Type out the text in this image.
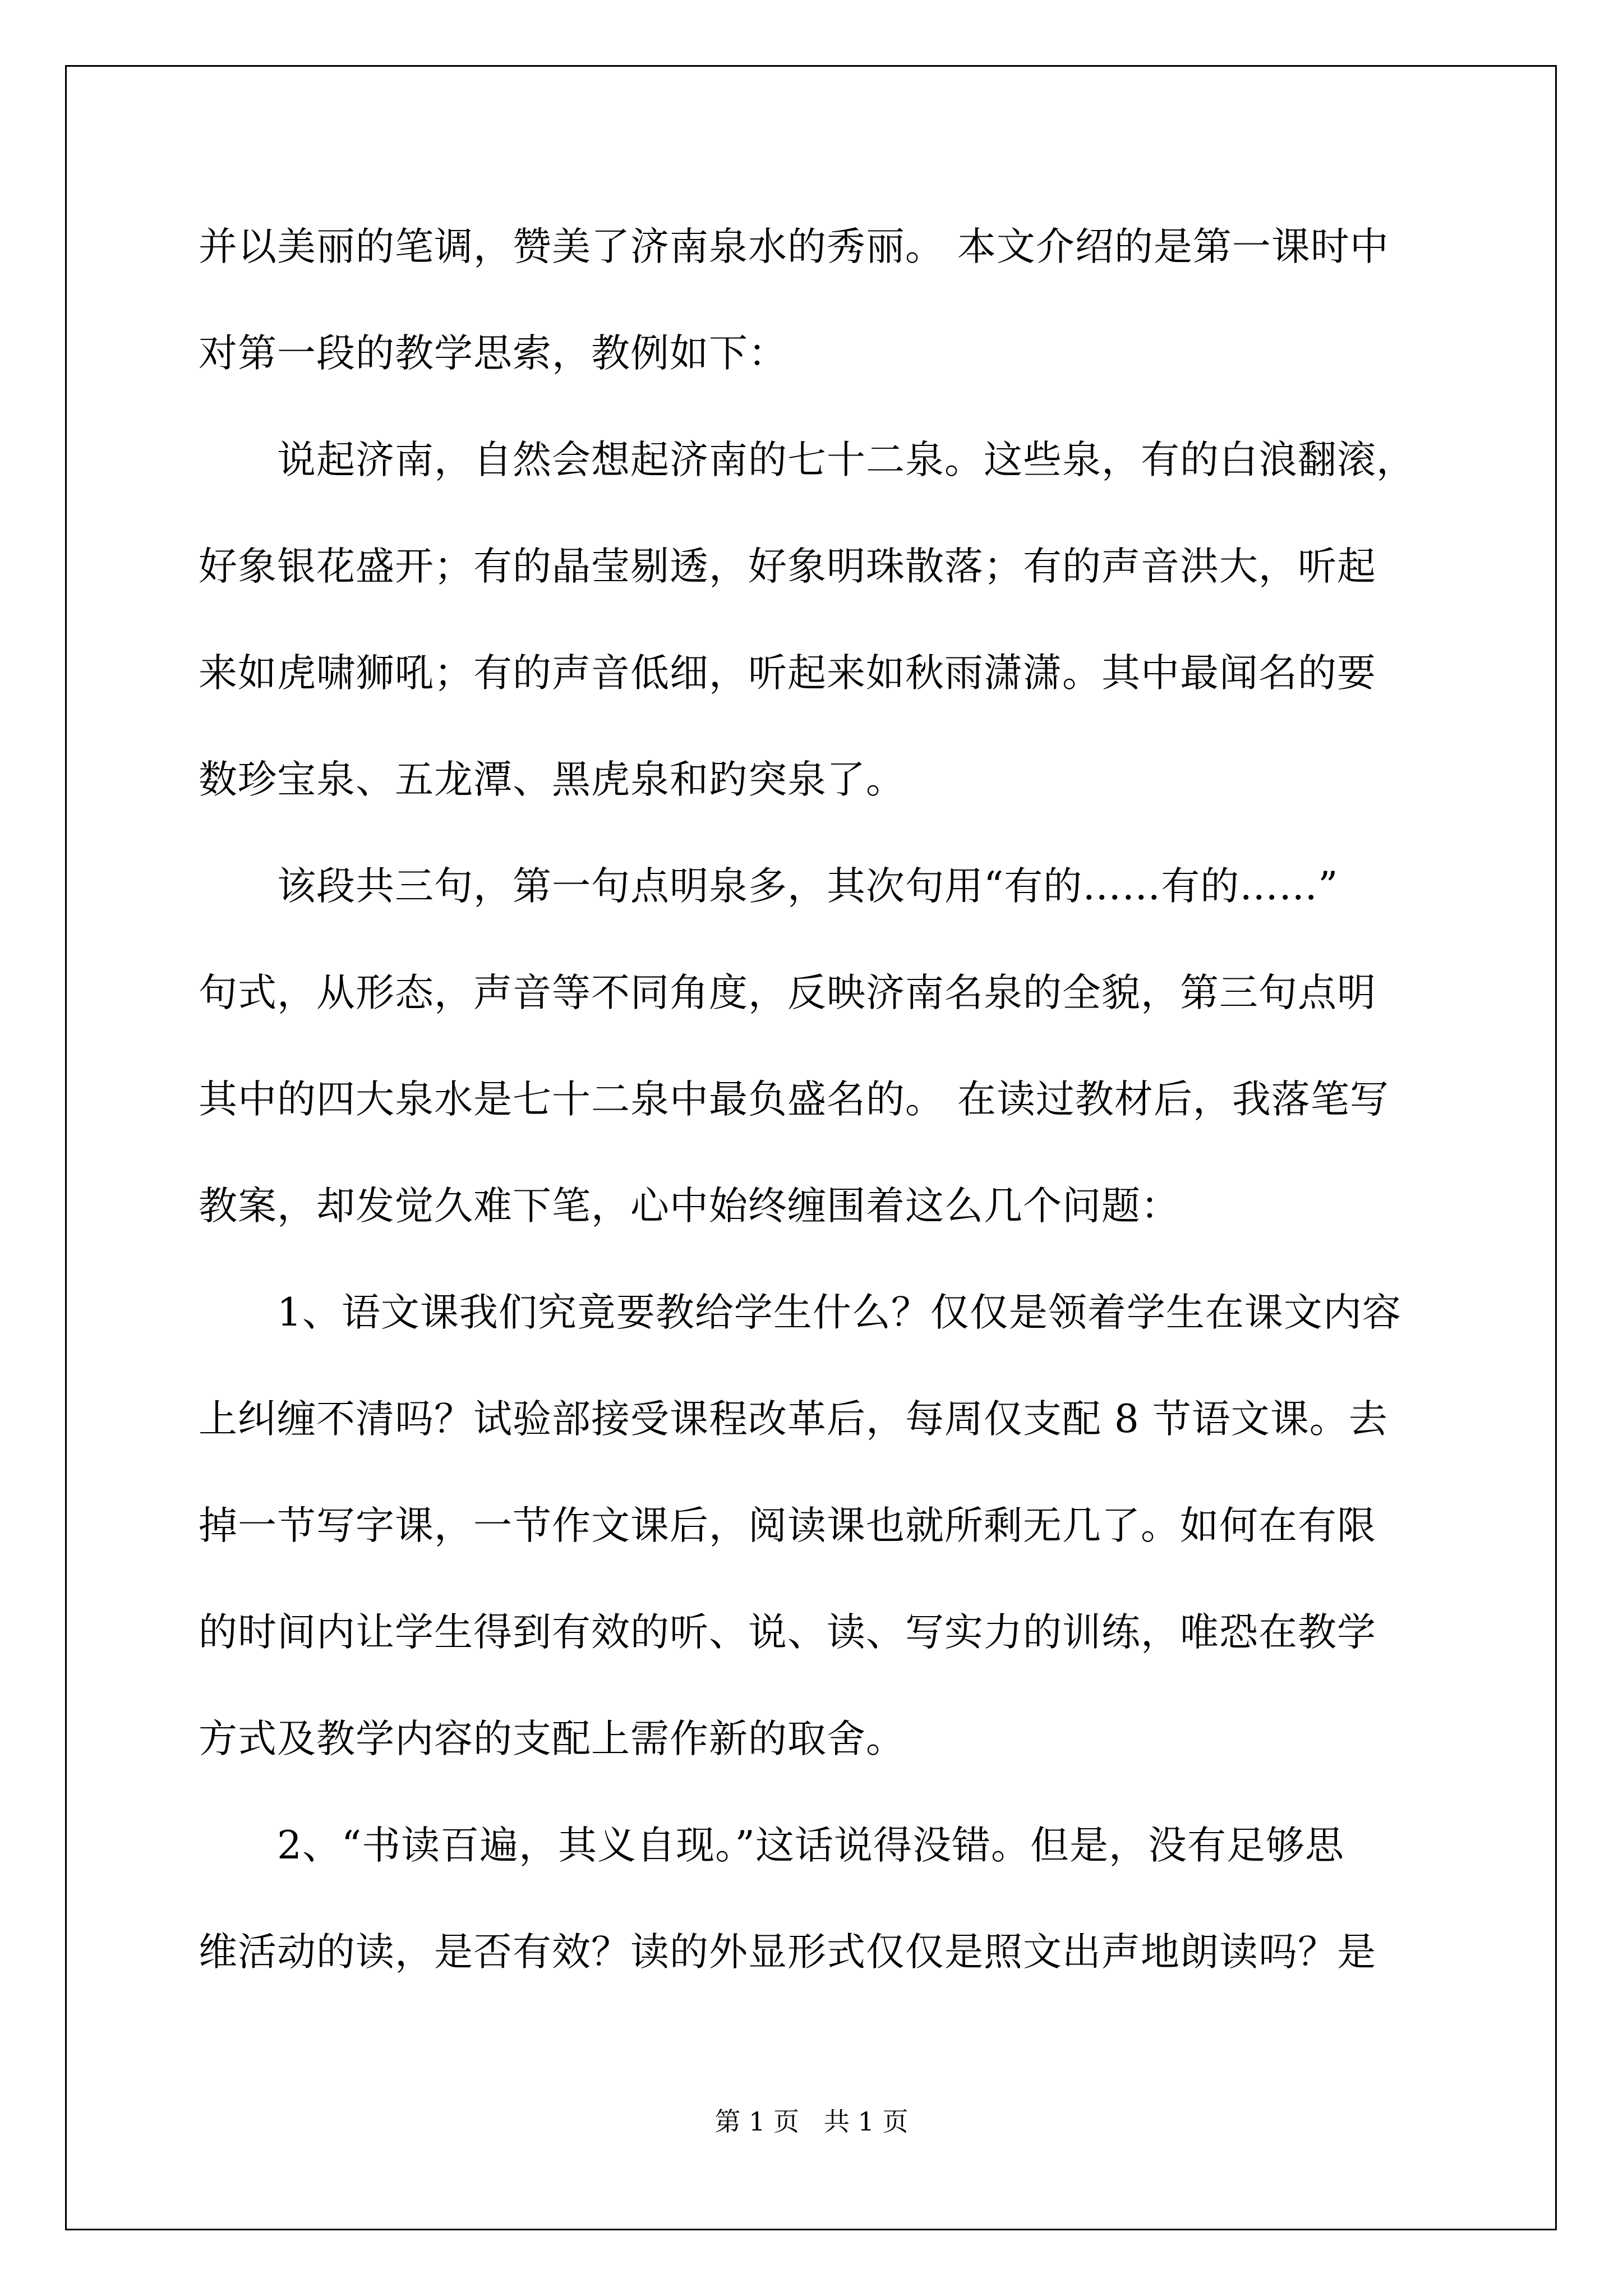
并以美丽的笔调，赞美了济南泉水的秀丽。 本文介绍的是第一课时中
对第一段的教学思索，教例如下：
　　说起济南，自然会想起济南的七十二泉。这些泉，有的白浪翻滚，
好象银花盛开；有的晶莹剔透，好象明珠散落；有的声音洪大，听起
来如虎啸狮吼；有的声音低细，听起来如秋雨潇潇。其中最闻名的要
数珍宝泉、五龙潭、黑虎泉和趵突泉了。
　　该段共三句，第一句点明泉多，其次句用“有的……有的……”
句式，从形态，声音等不同角度，反映济南名泉的全貌，第三句点明
其中的四大泉水是七十二泉中最负盛名的。 在读过教材后，我落笔写
教案，却发觉久难下笔，心中始终缠围着这么几个问题：
　　1、语文课我们究竟要教给学生什么？仅仅是领着学生在课文内容
上纠缠不清吗？试验部接受课程改革后，每周仅支配 8 节语文课。去
掉一节写字课，一节作文课后，阅读课也就所剩无几了。如何在有限
的时间内让学生得到有效的听、说、读、写实力的训练，唯恐在教学
方式及教学内容的支配上需作新的取舍。
　　2、“书读百遍，其义自现。”这话说得没错。但是，没有足够思
维活动的读，是否有效？读的外显形式仅仅是照文出声地朗读吗？是
第 1 页 共 1 页
